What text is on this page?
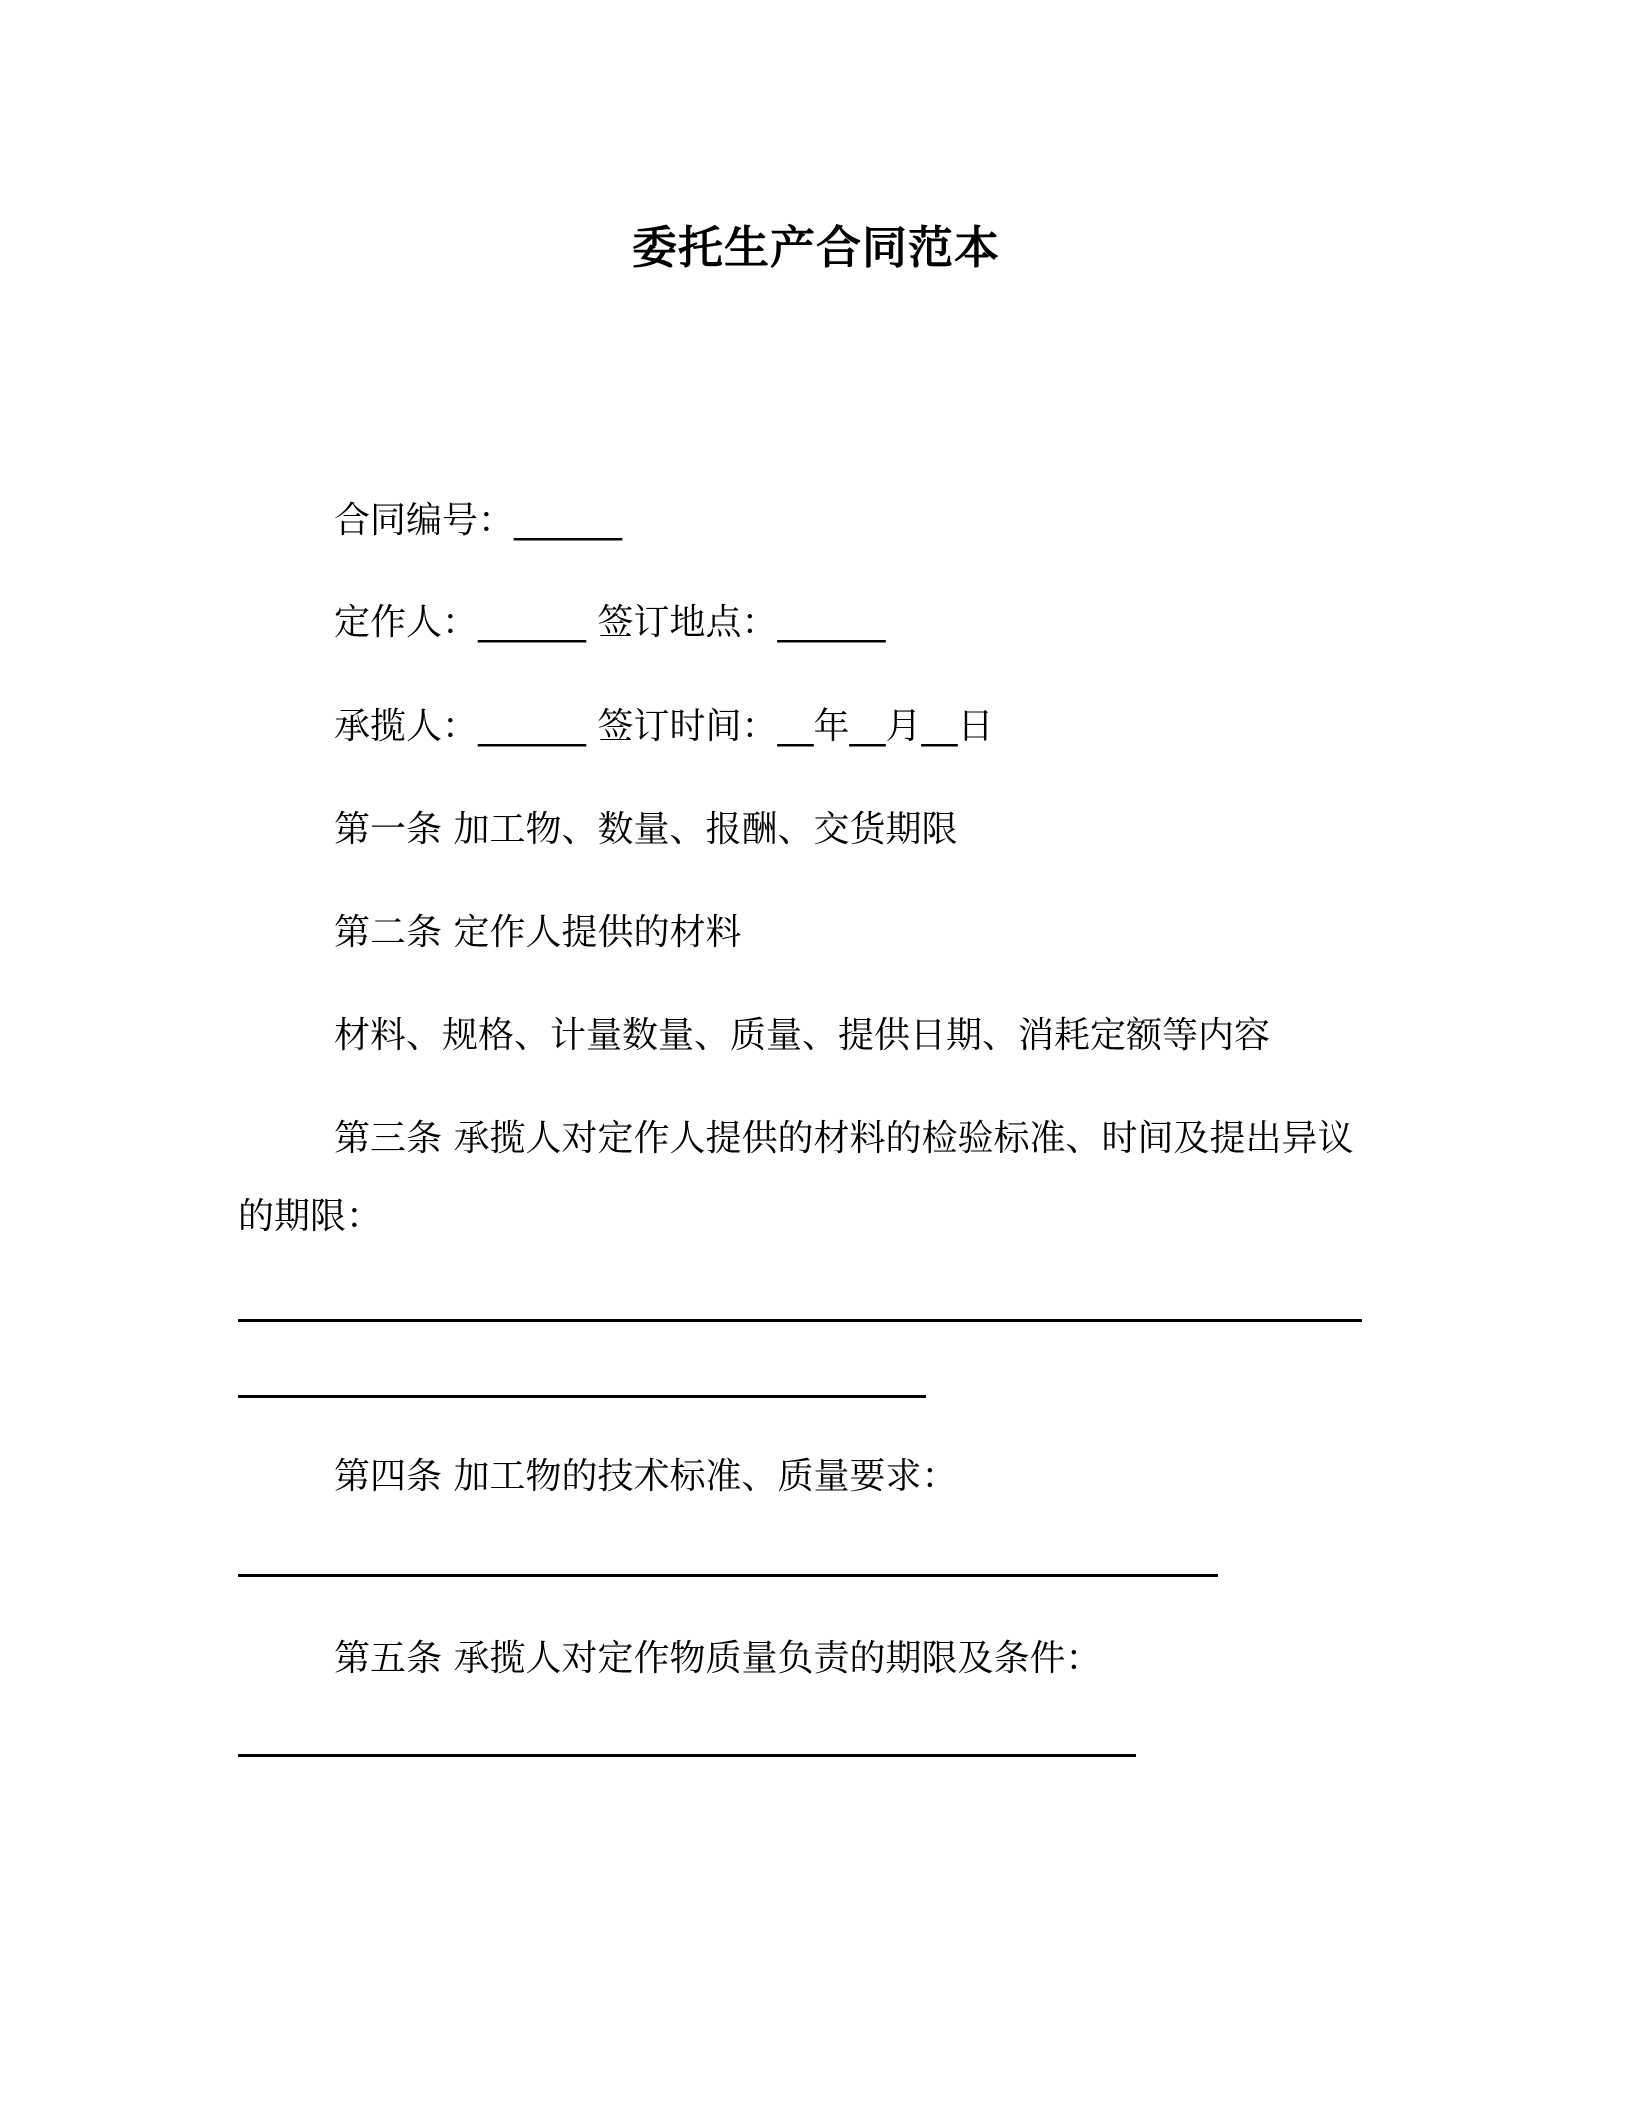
委托生产合同范本
合同编号：______
定作人：______ 签订地点：______
承揽人：______ 签订时间：__年__月__日
第一条 加工物、数量、报酬、交货期限
第二条 定作人提供的材料
材料、规格、计量数量、质量、提供日期、消耗定额等内容
第三条 承揽人对定作人提供的材料的检验标准、时间及提出异议
的期限：
第四条 加工物的技术标准、质量要求：
第五条 承揽人对定作物质量负责的期限及条件：
